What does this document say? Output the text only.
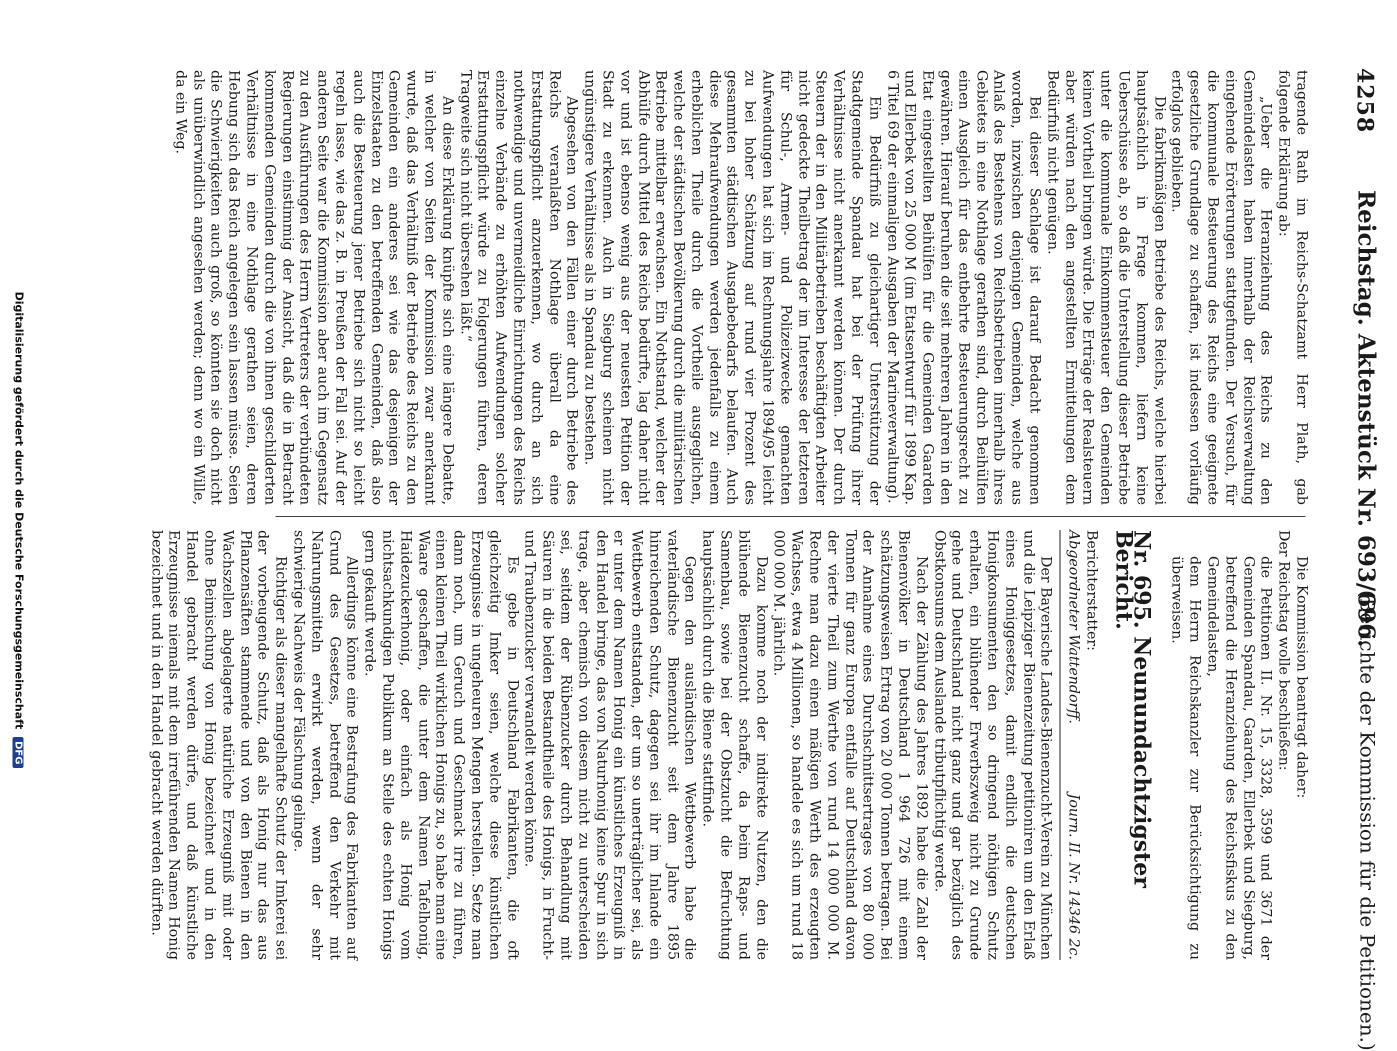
4258
Reichstag. Aktenstück Nr. 693/696.
(Berichte der Kommission für die Petitionen.)

tragende Rath im Reichs-Schatzamt Herr Plath, gab folgende Erklärung ab:

„Ueber die Heranziehung des Reichs zu den Gemeindelasten haben innerhalb der Reichsverwaltung eingehende Erörterungen stattgefunden. Der Versuch, für die kommunale Besteuerung des Reichs eine geeignete gesetzliche Grundlage zu schaffen, ist indessen vorläufig erfolglos geblieben.

Die fabrikmäßigen Betriebe des Reichs, welche hierbei hauptsächlich in Frage kommen, liefern keine Ueberschüsse ab, so daß die Unterstellung dieser Betriebe unter die kommunale Einkommensteuer den Gemeinden keinen Vortheil bringen würde. Die Erträge der Realsteuern aber würden nach den angestellten Ermittelungen dem Bedürfniß nicht genügen.

Bei dieser Sachlage ist darauf Bedacht genommen worden, inzwischen denjenigen Gemeinden, welche aus Anlaß des Bestehens von Reichsbetrieben innerhalb ihres Gebietes in eine Nothlage gerathen sind, durch Beihülfen einen Ausgleich für das entbehrte Besteuerungsrecht zu gewähren. Hierauf beruhen die seit mehreren Jahren in den Etat eingestellten Beihülfen für die Gemeinden Gaarden und Ellerbek von 25 000 M (im Etatsentwurf für 1899 Kap. 6 Titel 69 der einmaligen Ausgaben der Marineverwaltung).

Ein Bedürfniß zu gleichartiger Unterstützung der Stadtgemeinde Spandau hat bei der Prüfung ihrer Verhältnisse nicht anerkannt werden können. Der durch Steuern der in den Militärbetrieben beschäftigten Arbeiter nicht gedeckte Theilbetrag der im Interesse der letzteren für Schul-, Armen- und Polizeizwecke gemachten Aufwendungen hat sich im Rechnungsjahre 1894/95 leicht zu bei hoher Schätzung auf rund vier Prozent des gesammten städtischen Ausgabebedarfs belaufen. Auch diese Mehraufwendungen werden jedenfalls zu einem erheblichen Theile durch die Vortheile ausgeglichen, welche der städtischen Bevölkerung durch die militärischen Betriebe mittelbar erwachsen. Ein Nothstand, welcher der Abhülfe durch Mittel des Reichs bedürfte, lag daher nicht vor und ist ebenso wenig aus der neuesten Petition der Stadt zu erkennen. Auch in Siegburg scheinen nicht ungünstigere Verhältnisse als in Spandau zu bestehen.

Abgesehen von den Fällen einer durch Betriebe des Reichs veranlaßten Nothlage überall da eine Erstattungspflicht anzuerkennen, wo durch an sich nothwendige und unvermeidliche Einrichtungen des Reichs einzelne Verbände zu erhöhten Aufwendungen solcher Erstattungspflicht würde zu Folgerungen führen, deren Tragweite sich nicht übersehen läßt.“

An diese Erklärung knüpfte sich eine längere Debatte, in welcher von Seiten der Kommission zwar anerkannt wurde, daß das Verhältniß der Betriebe des Reichs zu den Gemeinden ein anderes sei wie das desjenigen der Einzelstaaten zu den betreffenden Gemeinden, daß also auch die Besteuerung jener Betriebe sich nicht so leicht regeln lasse, wie das z. B. in Preußen der Fall sei. Auf der anderen Seite war die Kommission aber auch im Gegensatz zu den Ausführungen des Herrn Vertreters der verbündeten Regierungen einstimmig der Ansicht, daß die in Betracht kommenden Gemeinden durch die von ihnen geschilderten Verhältnisse in eine Nothlage gerathen seien, deren Hebung sich das Reich angelegen sein lassen müsse. Seien die Schwierigkeiten auch groß, so könnten sie doch nicht als unüberwindlich angesehen werden; denn wo ein Wille, da ein Weg.

Die Kommission beantragt daher:

Der Reichstag wolle beschließen:

die Petitionen II. Nr. 15, 3328, 3599 und 3671 der Gemeinden Spandau, Gaarden, Ellerbek und Siegburg, betreffend die Heranziehung des Reichsfiskus zu den Gemeindelasten,

dem Herrn Reichskanzler zur Berücksichtigung zu überweisen.

Nr. 695. Neunundachtzigster Bericht.

Berichterstatter:

Abgeordneter Wattendorff.
Journ. II. Nr. 14346 2c.

Der Bayerische Landes-Bienenzucht-Verein zu München und die Leipziger Bienenzeitung petitioniren um den Erlaß eines Honiggesetzes, damit endlich die deutschen Honigkonsumenten den so dringend nöthigen Schutz erhalten, ein blühender Erwerbszweig nicht zu Grunde gehe und Deutschland nicht ganz und gar bezüglich des Obstkonsums dem Auslande tributpflichtig werde.

Nach der Zählung des Jahres 1892 habe die Zahl der Bienenvölker in Deutschland 1 964 726 mit einem schätzungsweisen Ertrag von 20 000 Tonnen betragen. Bei der Annahme eines Durchschnittsertrages von 80 000 Tonnen für ganz Europa entfalle auf Deutschland davon der vierte Theil zum Werthe von rund 14 000 000 M. Rechne man dazu einen mäßigen Werth des erzeugten Wachses, etwa 4 Millionen, so handele es sich um rund 18 000 000 M. jährlich.

Dazu komme noch der indirekte Nutzen, den die blühende Bienenzucht schaffe, da beim Raps- und Samenbau, sowie bei der Obstzucht die Befruchtung hauptsächlich durch die Biene stattfinde.

Gegen den ausländischen Wettbewerb habe die vaterländische Bienenzucht seit dem Jahre 1895 hinreichenden Schutz, dagegen sei ihr im Inlande ein Wettbewerb entstanden, der um so unerträglicher sei, als er unter dem Namen Honig ein künstliches Erzeugniß in den Handel bringe, das von Naturhonig keine Spur in sich trage, aber chemisch von diesem nicht zu unterscheiden sei, seitdem der Rübenzucker durch Behandlung mit Säuren in die beiden Bestandtheile des Honigs, in Frucht- und Traubenzucker verwandelt werden könne.

Es gebe in Deutschland Fabrikanten, die oft gleichzeitig Imker seien, welche diese künstlichen Erzeugnisse in ungeheuren Mengen herstellen. Setze man dann noch, um Geruch und Geschmack irre zu führen, einen kleinen Theil wirklichen Honigs zu, so habe man eine Waare geschaffen, die unter dem Namen Tafelhonig, Haidezuckerhonig, oder einfach als Honig vom nichtsachkundigen Publikum an Stelle des echten Honigs gern gekauft werde.

Allerdings könne eine Bestrafung des Fabrikanten auf Grund des Gesetzes, betreffend den Verkehr mit Nahrungsmitteln erwirkt werden, wenn der sehr schwierige Nachweis der Fälschung gelinge.

Richtiger als dieser mangelhafte Schutz der Imkerei sei der vorbeugende Schutz, daß als Honig nur das aus Pflanzensäften stammende und von den Bienen in den Wachszellen abgelagerte natürliche Erzeugniß mit oder ohne Beimischung von Honig bezeichnet und in den Handel gebracht werden dürfe, und daß künstliche Erzeugnisse niemals mit dem irreführenden Namen Honig bezeichnet und in den Handel gebracht werden dürften.

Digitalisierung gefördert durch die Deutsche Forschungsgemeinschaft DFG
